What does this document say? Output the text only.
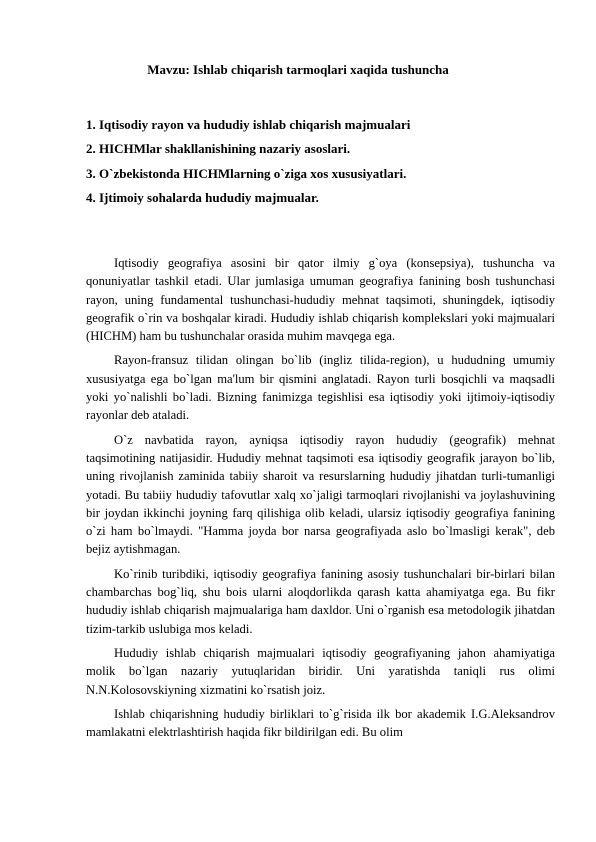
Mavzu: Ishlab chiqarish tarmoqlari xaqida tushuncha
1. Iqtisodiy rayon va hududiy ishlab chiqarish majmualari
2. HICHMlar shakllanishining nazariy asoslari.
3. O`zbekistonda HICHMlarning o`ziga xos xususiyatlari.
4. Ijtimoiy sohalarda hududiy majmualar.

Iqtisodiy geografiya asosini bir qator ilmiy g`oya (konsepsiya), tushuncha va qonuniyatlar tashkil etadi. Ular jumlasiga umuman geografiya fanining bosh tushunchasi rayon, uning fundamental tushunchasi-hududiy mehnat taqsimoti, shuningdek, iqtisodiy geografik o`rin va boshqalar kiradi. Hududiy ishlab chiqarish komplekslari yoki majmualari (HICHM) ham bu tushunchalar orasida muhim mavqega ega.

Rayon-fransuz tilidan olingan bo`lib (ingliz tilida-region), u hududning umumiy xususiyatga ega bo`lgan ma'lum bir qismini anglatadi. Rayon turli bosqichli va maqsadli yoki yo`nalishli bo`ladi. Bizning fanimizga tegishlisi esa iqtisodiy yoki ijtimoiy-iqtisodiy rayonlar deb ataladi.

O`z navbatida rayon, ayniqsa iqtisodiy rayon hududiy (geografik) mehnat taqsimotining natijasidir. Hududiy mehnat taqsimoti esa iqtisodiy geografik jarayon bo`lib, uning rivojlanish zaminida tabiiy sharoit va resurslarning hududiy jihatdan turli-tumanligi yotadi. Bu tabiiy hududiy tafovutlar xalq xo`jaligi tarmoqlari rivojlanishi va joylashuvining bir joydan ikkinchi joyning farq qilishiga olib keladi, ularsiz iqtisodiy geografiya fanining o`zi ham bo`lmaydi. "Hamma joyda bor narsa geografiyada aslo bo`lmasligi kerak", deb bejiz aytishmagan.

Ko`rinib turibdiki, iqtisodiy geografiya fanining asosiy tushunchalari bir-birlari bilan chambarchas bog`liq, shu bois ularni aloqdorlikda qarash katta ahamiyatga ega. Bu fikr hududiy ishlab chiqarish majmualariga ham daxldor. Uni o`rganish esa metodologik jihatdan tizim-tarkib uslubiga mos keladi.

Hududiy ishlab chiqarish majmualari iqtisodiy geografiyaning jahon ahamiyatiga molik bo`lgan nazariy yutuqlaridan biridir. Uni yaratishda taniqli rus olimi N.N.Kolosovskiyning xizmatini ko`rsatish joiz.

Ishlab chiqarishning hududiy birliklari to`g`risida ilk bor akademik I.G.Aleksandrov mamlakatni elektrlashtirish haqida fikr bildirilgan edi. Bu olim
